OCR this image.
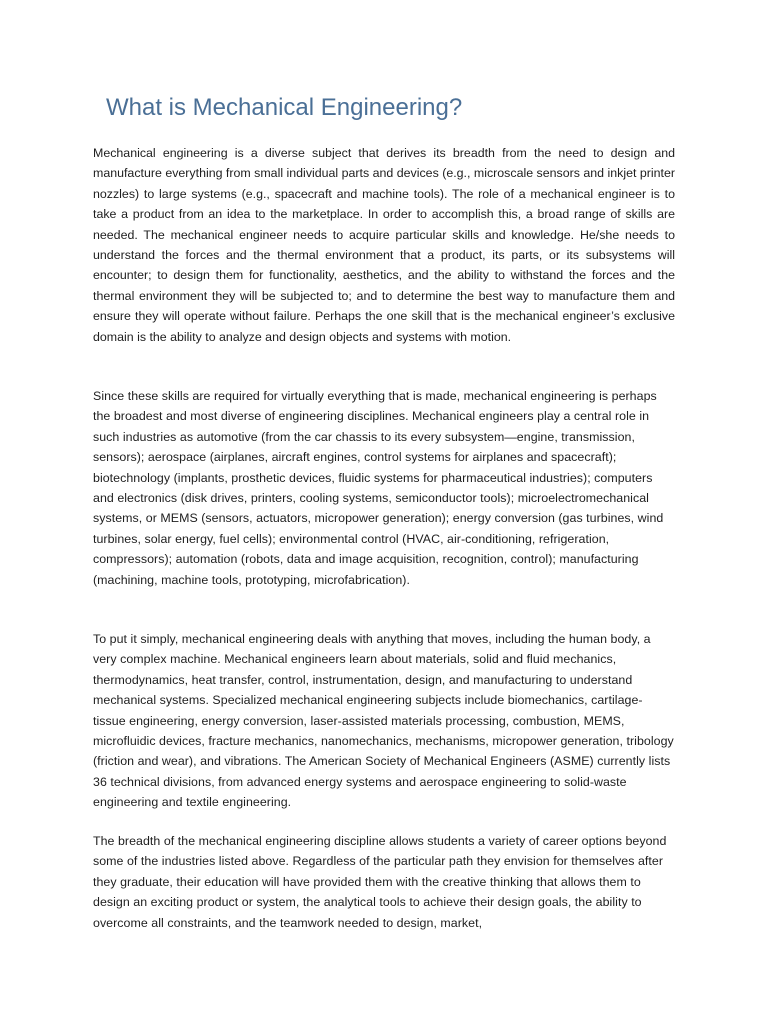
What is Mechanical Engineering?

Mechanical engineering is a diverse subject that derives its breadth from the need to design and manufacture everything from small individual parts and devices (e.g., microscale sensors and inkjet printer nozzles) to large systems (e.g., spacecraft and machine tools). The role of a mechanical engineer is to take a product from an idea to the marketplace. In order to accomplish this, a broad range of skills are needed. The mechanical engineer needs to acquire particular skills and knowledge. He/she needs to understand the forces and the thermal environment that a product, its parts, or its subsystems will encounter; to design them for functionality, aesthetics, and the ability to withstand the forces and the thermal environment they will be subjected to; and to determine the best way to manufacture them and ensure they will operate without failure. Perhaps the one skill that is the mechanical engineer’s exclusive domain is the ability to analyze and design objects and systems with motion.

Since these skills are required for virtually everything that is made, mechanical engineering is perhaps the broadest and most diverse of engineering disciplines. Mechanical engineers play a central role in such industries as automotive (from the car chassis to its every subsystem—engine, transmission, sensors); aerospace (airplanes, aircraft engines, control systems for airplanes and spacecraft); biotechnology (implants, prosthetic devices, fluidic systems for pharmaceutical industries); computers and electronics (disk drives, printers, cooling systems, semiconductor tools); microelectromechanical systems, or MEMS (sensors, actuators, micropower generation); energy conversion (gas turbines, wind turbines, solar energy, fuel cells); environmental control (HVAC, air-conditioning, refrigeration, compressors); automation (robots, data and image acquisition, recognition, control); manufacturing (machining, machine tools, prototyping, microfabrication).

To put it simply, mechanical engineering deals with anything that moves, including the human body, a very complex machine. Mechanical engineers learn about materials, solid and fluid mechanics, thermodynamics, heat transfer, control, instrumentation, design, and manufacturing to understand mechanical systems. Specialized mechanical engineering subjects include biomechanics, cartilage-tissue engineering, energy conversion, laser-assisted materials processing, combustion, MEMS, microfluidic devices, fracture mechanics, nanomechanics, mechanisms, micropower generation, tribology (friction and wear), and vibrations. The American Society of Mechanical Engineers (ASME) currently lists 36 technical divisions, from advanced energy systems and aerospace engineering to solid-waste engineering and textile engineering.

The breadth of the mechanical engineering discipline allows students a variety of career options beyond some of the industries listed above. Regardless of the particular path they envision for themselves after they graduate, their education will have provided them with the creative thinking that allows them to design an exciting product or system, the analytical tools to achieve their design goals, the ability to overcome all constraints, and the teamwork needed to design, market,
